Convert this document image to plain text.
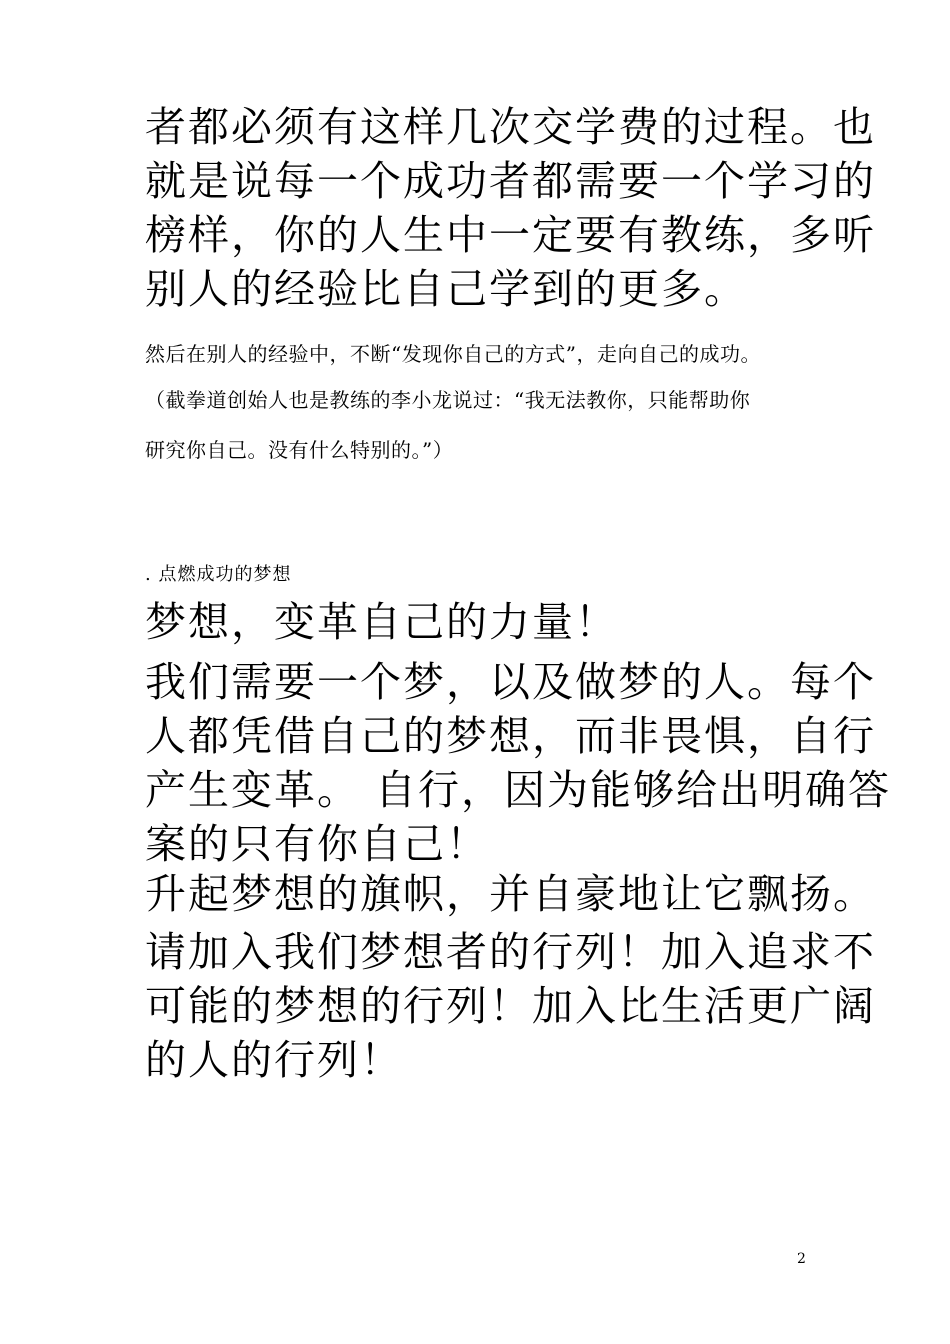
者都必须有这样几次交学费的过程。也
就是说每一个成功者都需要一个学习的
榜样，你的人生中一定要有教练，多听
别人的经验比自己学到的更多。

然后在别人的经验中，不断“发现你自己的方式”，走向自己的成功。

（截拳道创始人也是教练的李小龙说过：“我无法教你，只能帮助你

研究你自己。没有什么特别的。”）

. 点燃成功的梦想

梦想，变革自己的力量！

我们需要一个梦，以及做梦的人。每个
人都凭借自己的梦想，而非畏惧，自行
产生变革。 自行，因为能够给出明确答
案的只有你自己！

升起梦想的旗帜，并自豪地让它飘扬。

请加入我们梦想者的行列！加入追求不
可能的梦想的行列！加入比生活更广阔
的人的行列！

2
